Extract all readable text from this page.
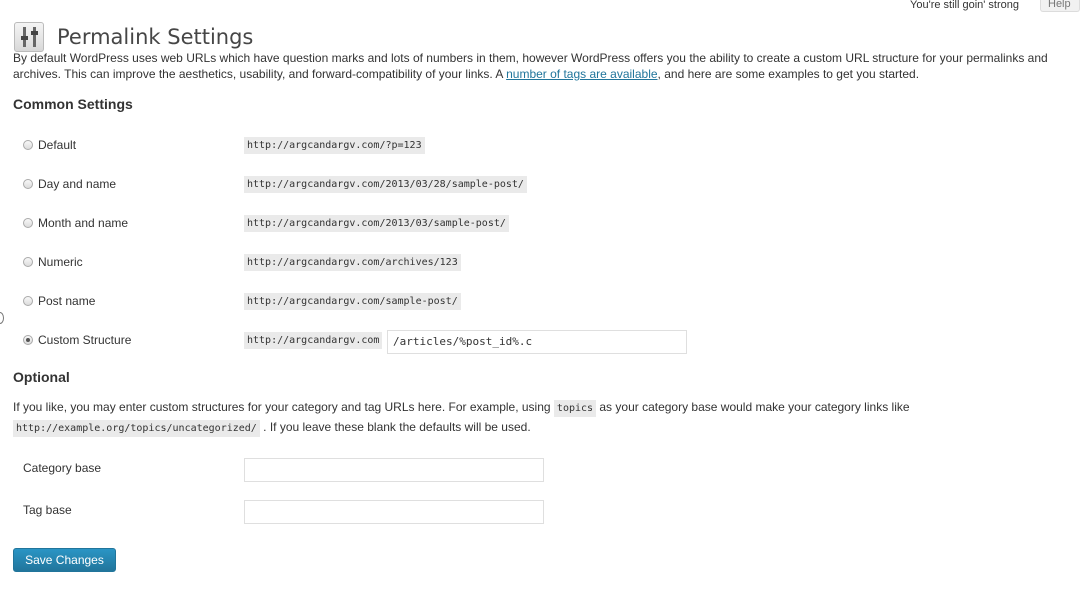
You're still goin' strong	Help
Permalink Settings
By default WordPress uses web URLs which have question marks and lots of numbers in them, however WordPress offers you the ability to create a custom URL structure for your permalinks and archives. This can improve the aesthetics, usability, and forward-compatibility of your links. A number of tags are available, and here are some examples to get you started.
Common Settings
Default	http://argcandargv.com/?p=123
Day and name	http://argcandargv.com/2013/03/28/sample-post/
Month and name	http://argcandargv.com/2013/03/sample-post/
Numeric	http://argcandargv.com/archives/123
Post name	http://argcandargv.com/sample-post/
Custom Structure	http://argcandargv.com	/articles/%post_id%.c
Optional
If you like, you may enter custom structures for your category and tag URLs here. For example, using topics as your category base would make your category links like
http://example.org/topics/uncategorized/ . If you leave these blank the defaults will be used.
Category base
Tag base
Save Changes
